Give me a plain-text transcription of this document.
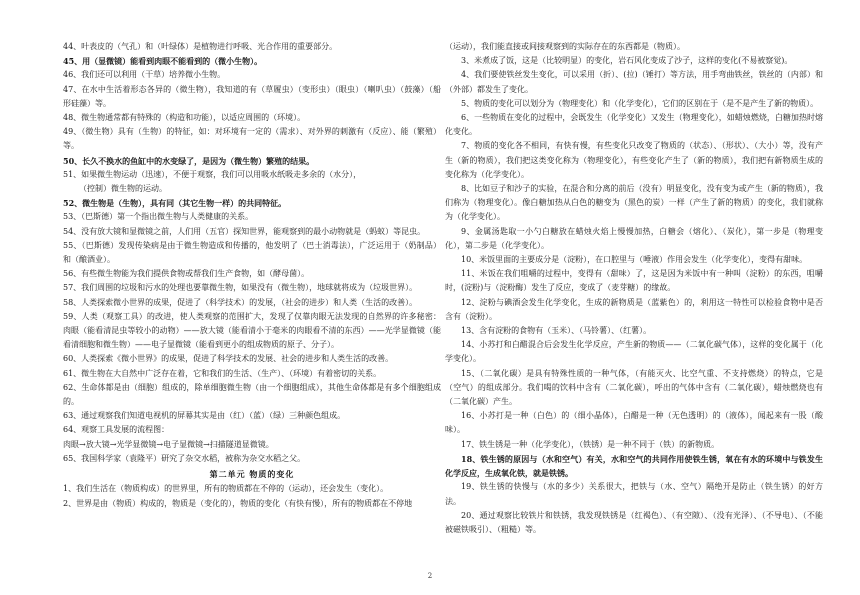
44、叶表皮的（气孔）和（叶绿体）是植物进行呼吸、光合作用的重要部分。

45、用（显微镜）能看到肉眼不能看到的（微小生物）。

46、我们还可以利用（干草）培养微小生物。

47、在水中生活着形态各异的（微生物），我知道的有（草履虫）（变形虫）（眼虫）（喇叭虫）（鼓藻）（船形硅藻）等。

48、微生物通常都有特殊的（构造和功能），以适应周围的（环境）。

49、（微生物）具有（生物）的特征，如：对环境有一定的（需求）、对外界的刺激有（反应）、能（繁殖）等。

50、长久不换水的鱼缸中的水变绿了，是因为（微生物）繁殖的结果。

51、如果微生物运动（迅速），不便于观察，我们可以用吸水纸吸走多余的（水分），

（控制）微生物的运动。

52、微生物是（生物），具有同（其它生物一样）的共同特征。

53、（巴斯德）第一个指出微生物与人类健康的关系。

54、没有放大镜和显微镜之前，人们用（五官）探知世界，能观察到的最小动物就是（蚂蚁）等昆虫。

55、（巴斯德）发现传染病是由于微生物造成和传播的，他发明了（巴士消毒法），广泛运用于（奶制品）和（酿酒业）。

56、有些微生物能为我们提供食物或帮我们生产食物，如（酵母菌）。

57、我们周围的垃圾和污水的处理也要靠微生物，如果没有（微生物），地球就将成为（垃圾世界）。

58、人类探索微小世界的成果，促进了（科学技术）的发展，（社会的进步）和人类（生活的改善）。

59、人类（观察工具）的改进，使人类观察的范围扩大，发现了仅靠肉眼无法发现的自然界的许多秘密：肉眼（能看清昆虫等较小的动物）——放大镜（能看清小于毫米的肉眼看不清的东西）——光学显微镜（能看清细胞和微生物）——电子显微镜（能看到更小的组成物质的原子、分子）。

60、人类探索《微小世界》的成果，促进了科学技术的发展、社会的进步和人类生活的改善。

61、微生物在大自然中广泛存在着，它和我们的生活、（生产）、（环境）有着密切的关系。

62、生命体都是由（细胞）组成的，除单细胞微生物（由一个细胞组成），其他生命体都是有多个细胞组成的。

63、通过观察我们知道电视机的屏幕其实是由（红）（蓝）（绿）三种颜色组成。

64、观察工具发展的流程图：

肉眼→放大镜→光学显微镜→电子显微镜→扫描隧道显微镜。

65、我国科学家（袁隆平）研究了杂交水稻，被称为杂交水稻之父。

第二单元 物质的变化

1、我们生活在（物质构成）的世界里，所有的物质都在不停的（运动），还会发生（变化）。

2、世界是由（物质）构成的，物质是（变化的），物质的变化（有快有慢），所有的物质都在不停地

（运动），我们能直接或间接观察到的实际存在的东西都是（物质）。

3、米煮成了饭，这是（比较明显）的变化，岩石风化变成了沙子，这样的变化(不易被察觉)。

4、我们要使铁丝发生变化，可以采用（折）、(拉)（锤打）等方法，用手弯曲铁丝，铁丝的（内部）和（外部）都发生了变化。

5、物质的变化可以划分为（物理变化）和（化学变化），它们的区别在于（是不是产生了新的物质）。

6、一些物质在变化的过程中，会既发生（化学变化）又发生（物理变化），如蜡烛燃烧，白糖加热时熔化变化。

7、物质的变化各不相同，有快有慢，有些变化只改变了物质的（状态）、（形状）、（大小）等，没有产生（新的物质），我们把这类变化称为（物理变化），有些变化产生了（新的物质），我们把有新物质生成的变化称为（化学变化）。

8、比如豆子和沙子的实验，在混合和分离的前后（没有）明显变化，没有变为或产生（新的物质），我们称为（物理变化）。像白糖加热从白色的糖变为（黑色的炭）一样（产生了新的物质）的变化，我们就称为（化学变化）。

9、金属汤匙取一小勺白糖放在蜡烛火焰上慢慢加热，白糖会（熔化）、（炭化），第一步是（物理变化），第二步是（化学变化）。

10、米饭里面的主要成分是（淀粉），在口腔里与（唾液）作用会发生（化学变化），变得有甜味。

11、米饭在我们咀嚼的过程中，变得有（甜味）了，这是因为米饭中有一种叫（淀粉）的东西，咀嚼时，(淀粉)与（淀粉酶）发生了反应，变成了（麦芽糖）的缘故。

12、淀粉与碘酒会发生化学变化，生成的新物质是（蓝紫色）的，利用这一特性可以检验食物中是否含有（淀粉）。

13、含有淀粉的食物有（玉米）、（马铃薯）、（红薯）。

14、小苏打和白醋混合后会发生化学反应，产生新的物质——（二氧化碳气体），这样的变化属于（化学变化）。

15、（二氧化碳）是具有特殊性质的一种气体，（有能灭火、比空气重、不支持燃烧）的特点，它是（空气）的组成部分。我们喝的饮料中含有（二氧化碳），呼出的气体中含有（二氧化碳），蜡烛燃烧也有（二氧化碳）产生。

16、小苏打是一种（白色）的（细小晶体），白醋是一种（无色透明）的（液体），闻起来有一股（酸味）。

17、铁生锈是一种（化学变化），（铁锈）是一种不同于（铁）的新物质。

18、铁生锈的原因与（水和空气）有关，水和空气的共同作用使铁生锈，氧在有水的环境中与铁发生化学反应，生成氧化铁，就是铁锈。

19、铁生锈的快慢与（水的多少）关系很大，把铁与（水、空气）隔绝开是防止（铁生锈）的好方法。

20、通过观察比较铁片和铁锈，我发现铁锈是（红褐色）、（有空隙）、（没有光泽）、（不导电）、（不能被磁铁吸引）、（粗糙）等。

2
